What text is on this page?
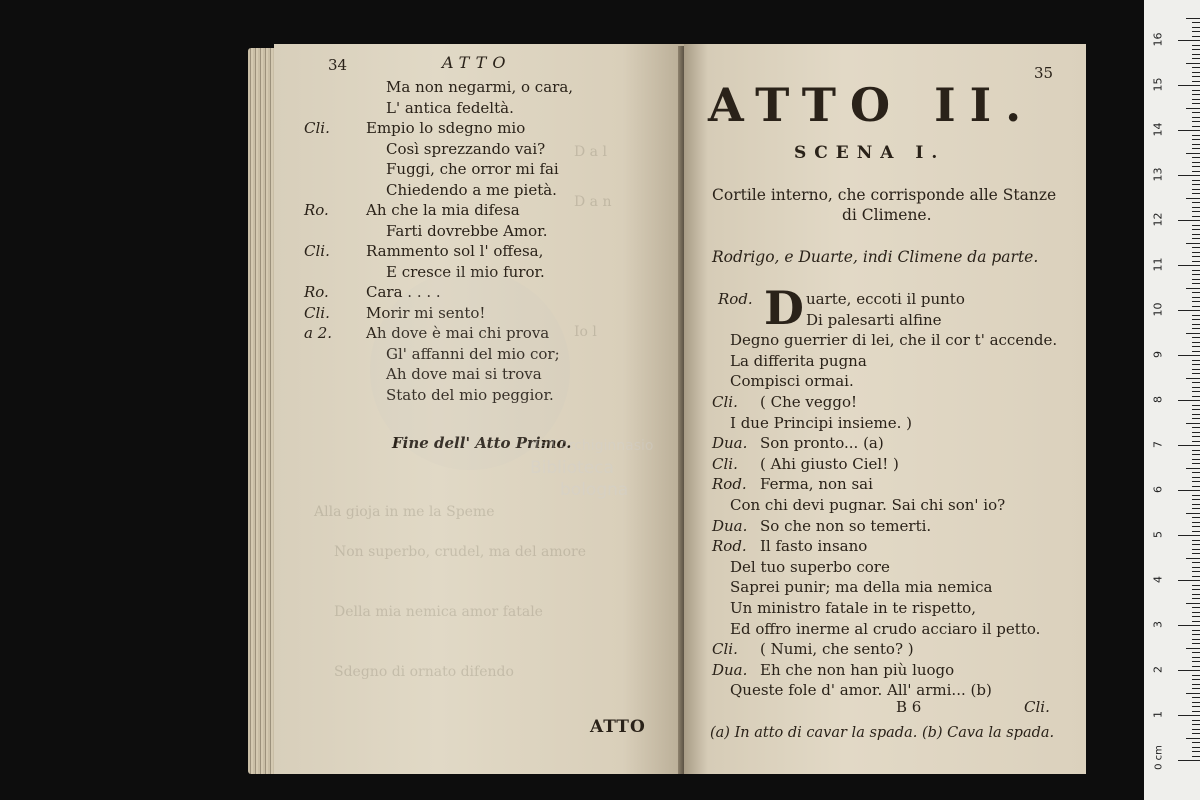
D a l
D a n
Io l
Alla gioja in me la Speme
Non superbo, crudel, ma del amore
Della mia nemica amor fatale
Sdegno di ornato difendo
34	ATTO
Ma non negarmi, o cara,
L' antica fedeltà.
Cli. Empio lo sdegno mio
Così sprezzando vai?
Fuggi, che orror mi fai
Chiedendo a me pietà.
Ro. Ah che la mia difesa
Farti dovrebbe Amor.
Cli. Rammento sol l' offesa,
E cresce il mio furor.
Ro. Cara . . . .
Cli. Morir mi sento!
a 2. Ah dove è mai chi prova
Gl' affanni del mio cor;
Ah dove mai si trova
Stato del mio peggior.
Fine dell' Atto Primo.
ATTO
35
ATTO II.
SCENA I.
Cortile interno, che corrisponde alle Stanze
di Climene.
Rodrigo, e Duarte, indi Climene da parte.
D
Rod.	uarte, eccoti il punto
Di palesarti alfine
Degno guerrier di lei, che il cor t' accende.
La differita pugna
Compisci ormai.
Cli. ( Che veggo!
I due Principi insieme. )
Dua. Son pronto... (a)
Cli. ( Ahi giusto Ciel! )
Rod. Ferma, non sai
Con chi devi pugnar. Sai chi son' io?
Dua. So che non so temerti.
Rod. Il fasto insano
Del tuo superbo core
Saprei punir; ma della mia nemica
Un ministro fatale in te rispetto,
Ed offro inerme al crudo acciaro il petto.
Cli. ( Numi, che sento? )
Dua. Eh che non han più luogo
Queste fole d' amor. All' armi... (b)
B 6	Cli.
(a) In atto di cavar la spada. (b) Cava la spada.
Biblioteca
dell'Archiginnasio
bologna
1
2
3
4
5
6
7
8
9
10
11
12
13
14
15
16
0 cm
